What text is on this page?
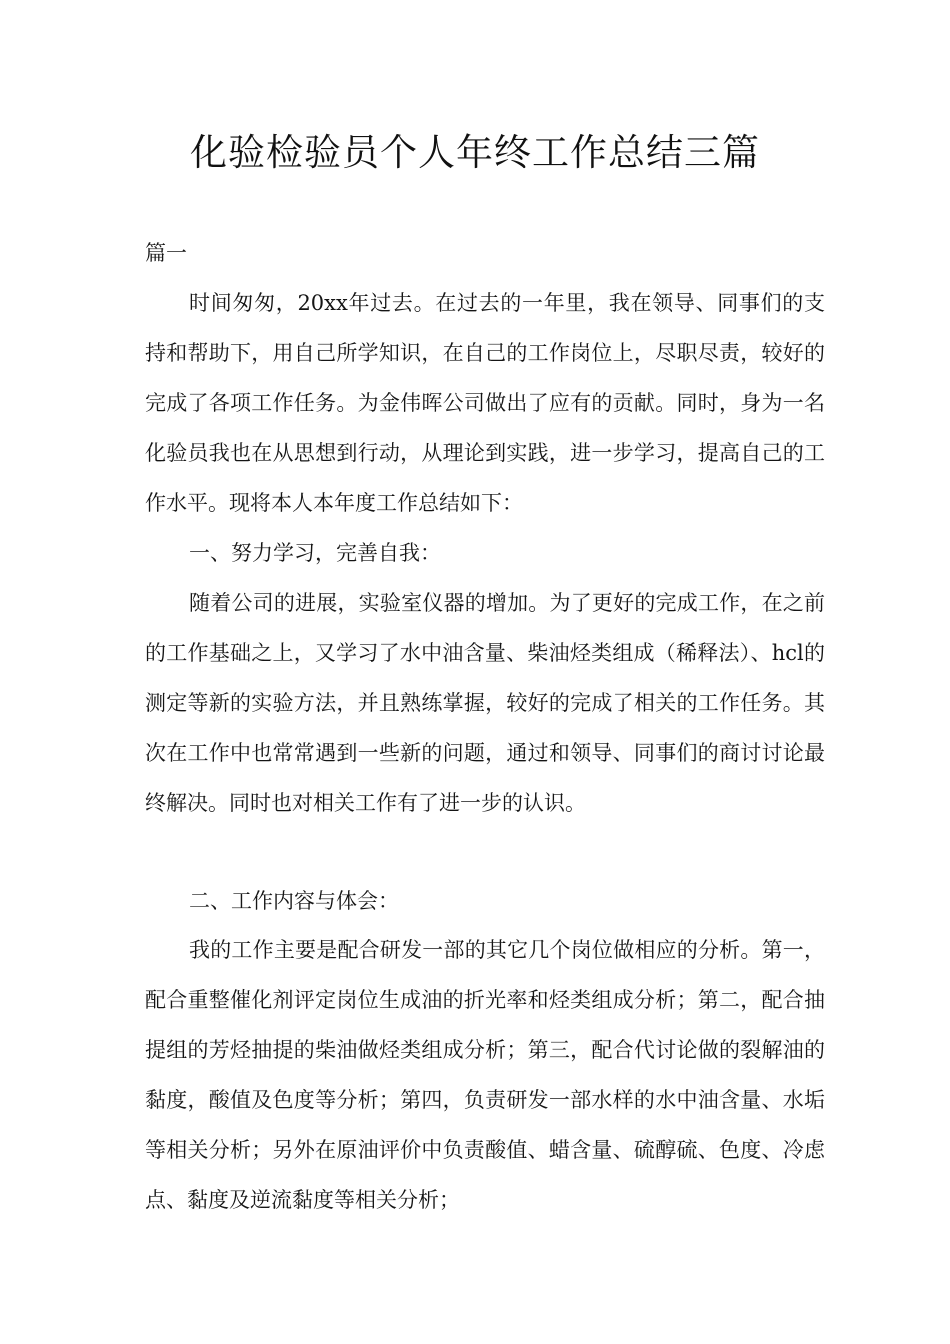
化验检验员个人年终工作总结三篇
篇一

时间匆匆，20xx年过去。在过去的一年里，我在领导、同事们的支持和帮助下，用自己所学知识，在自己的工作岗位上，尽职尽责，较好的完成了各项工作任务。为金伟晖公司做出了应有的贡献。同时，身为一名化验员我也在从思想到行动，从理论到实践，进一步学习，提高自己的工作水平。现将本人本年度工作总结如下：

一、努力学习，完善自我：

随着公司的进展，实验室仪器的增加。为了更好的完成工作，在之前的工作基础之上，又学习了水中油含量、柴油烃类组成（稀释法）、hcl的测定等新的实验方法，并且熟练掌握，较好的完成了相关的工作任务。其次在工作中也常常遇到一些新的问题，通过和领导、同事们的商讨讨论最终解决。同时也对相关工作有了进一步的认识。

二、工作内容与体会：

我的工作主要是配合研发一部的其它几个岗位做相应的分析。第一，配合重整催化剂评定岗位生成油的折光率和烃类组成分析；第二，配合抽提组的芳烃抽提的柴油做烃类组成分析；第三，配合代讨论做的裂解油的黏度，酸值及色度等分析；第四，负责研发一部水样的水中油含量、水垢等相关分析；另外在原油评价中负责酸值、蜡含量、硫醇硫、色度、冷虑点、黏度及逆流黏度等相关分析；
